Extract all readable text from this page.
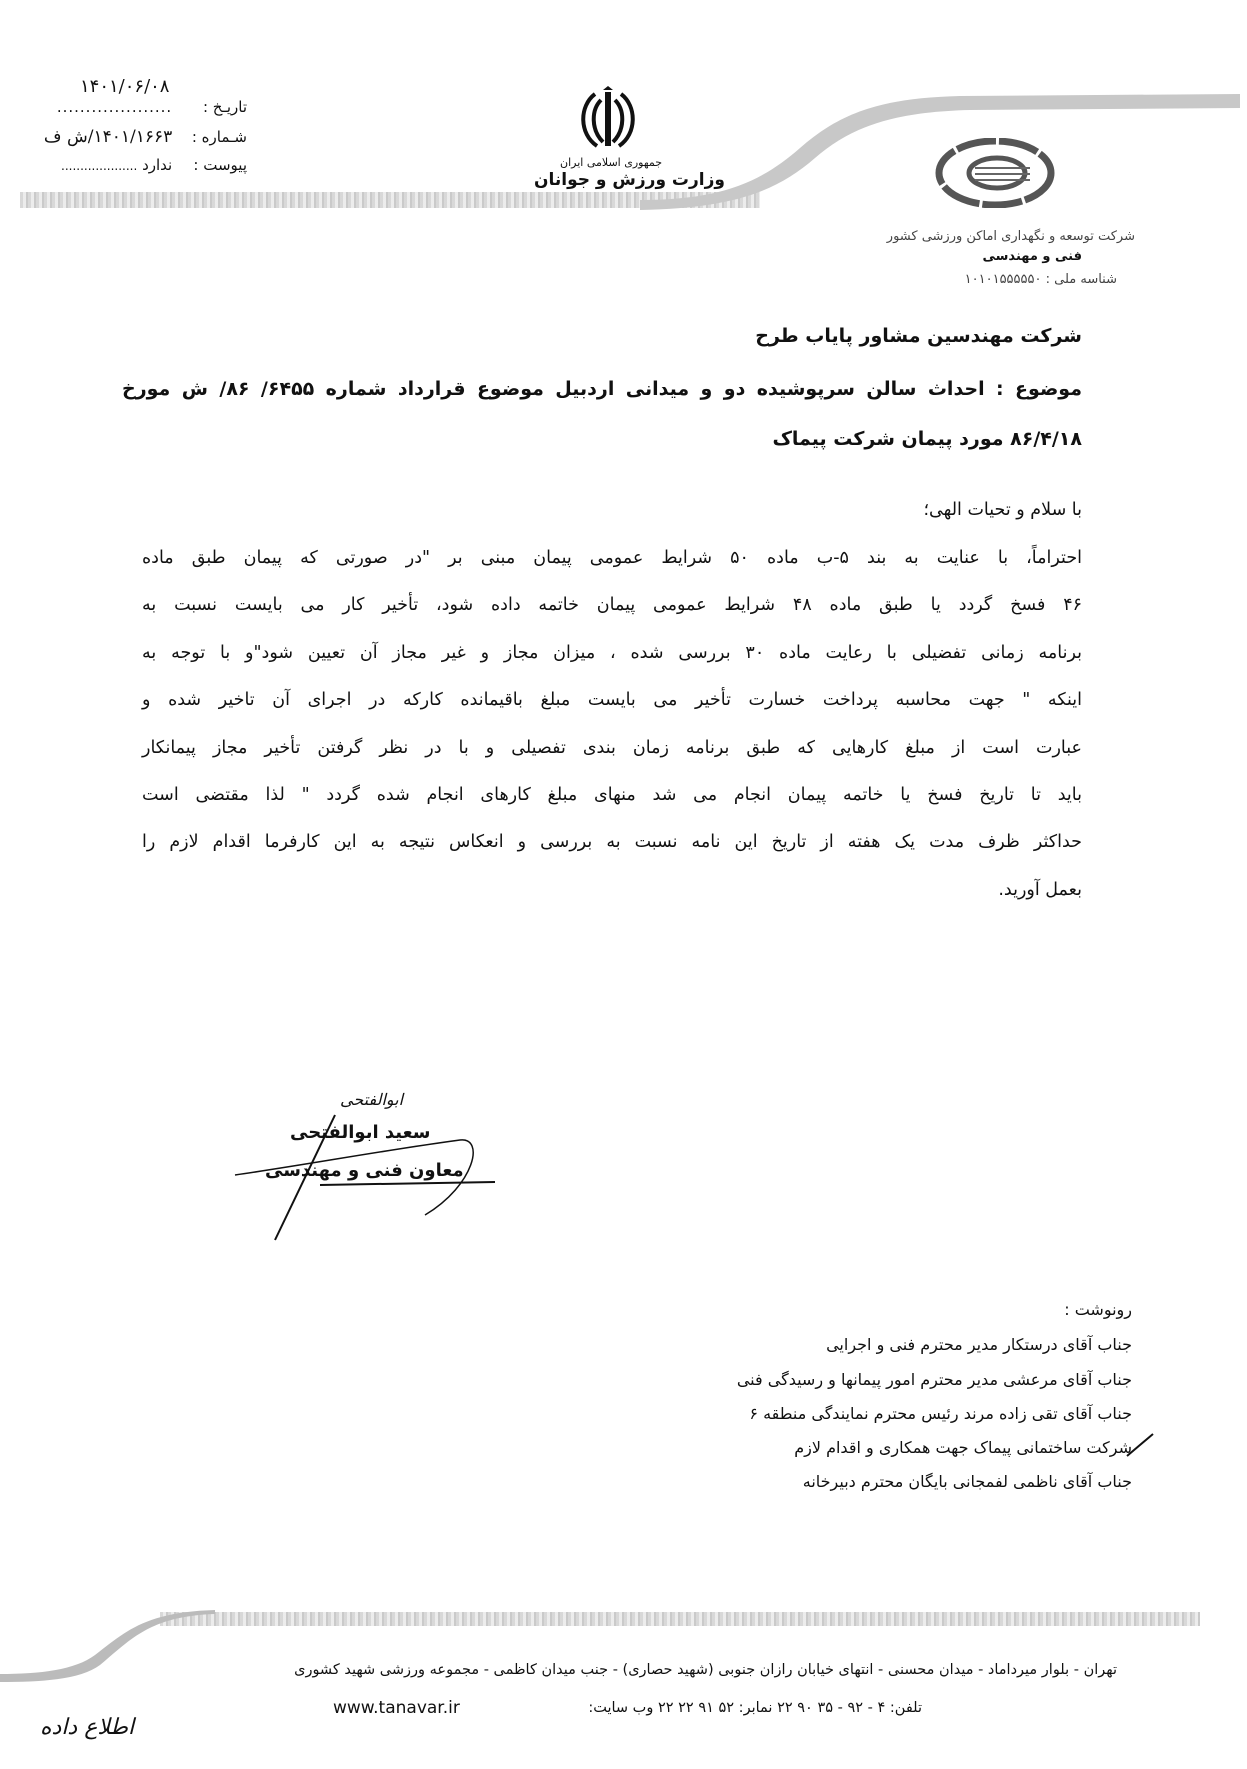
۱۴۰۱/۰۶/۰۸
تاریـخ : ....................
شـماره : ۱۴۰۱/۱۶۶۳/ش ف
پیوست : ندارد ....................	جمهوری اسلامی ایران
وزارت ورزش و جوانان
شرکت توسعه و نگهداری اماکن ورزشی کشور
فنی و مهندسی
شناسه ملی : ۱۰۱۰۱۵۵۵۵۵۰
شرکت مهندسین مشاور پایاب طرح
موضوع : احداث سالن سرپوشیده دو و میدانی اردبیل موضوع قرارداد شماره ۶۴۵۵/ ۸۶/ ش مورخ
۸۶/۴/۱۸ مورد پیمان شرکت پیماک
با سلام و تحیات الهی؛
احتراماً، با عنایت به بند ۵-ب ماده ۵۰ شرایط عمومی پیمان مبنی بر "در صورتی که پیمان طبق ماده
۴۶ فسخ گردد یا طبق ماده ۴۸ شرایط عمومی پیمان خاتمه داده شود، تأخیر کار می بایست نسبت به
برنامه زمانی تفضیلی با رعایت ماده ۳۰ بررسی شده ، میزان مجاز و غیر مجاز آن تعیین شود"و با توجه به
اینکه " جهت محاسبه پرداخت خسارت تأخیر می بایست مبلغ باقیمانده کارکه در اجرای آن تاخیر شده و
عبارت است از مبلغ کارهایی که طبق برنامه زمان بندی تفصیلی و با در نظر گرفتن تأخیر مجاز پیمانکار
باید تا تاریخ فسخ یا خاتمه پیمان انجام می شد منهای مبلغ کارهای انجام شده گردد " لذا مقتضی است
حداکثر ظرف مدت یک هفته از تاریخ این نامه نسبت به بررسی و انعکاس نتیجه به این کارفرما اقدام لازم را
بعمل آورید.
ابوالفتحی
سعید ابوالفتحی
معاون فنی و مهندسی
رونوشت :
جناب آقای درستکار مدیر محترم فنی و اجرایی
جناب آقای مرعشی مدیر محترم امور پیمانها و رسیدگی فنی
جناب آقای تقی زاده مرند رئیس محترم نمایندگی منطقه ۶
شرکت ساختمانی پیماک جهت همکاری و اقدام لازم
جناب آقای ناظمی لفمجانی بایگان محترم دبیرخانه
تهران - بلوار میرداماد - میدان محسنی - انتهای خیابان رازان جنوبی (شهید حصاری) - جنب میدان کاظمی - مجموعه ورزشی شهید کشوری
تلفن: ۴ - ۹۲ - ۳۵ ۹۰ ۲۲ نمابر: ۵۲ ۹۱ ۲۲ ۲۲ وب سایت:
www.tanavar.ir
اطلاع داده
